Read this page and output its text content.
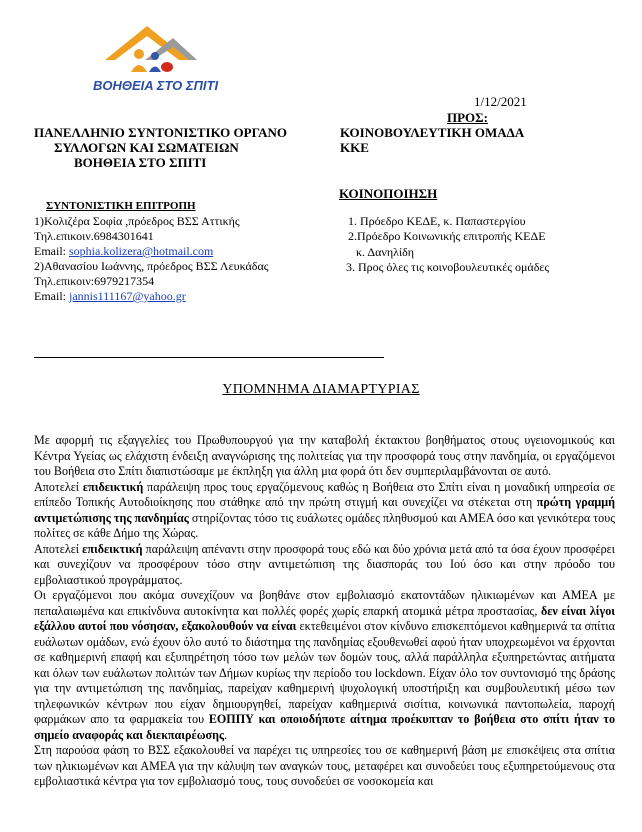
ΒΟΗΘΕΙΑ ΣΤΟ ΣΠΙΤΙ
1/12/2021
ΠΡΟΣ:
ΠΑΝΕΛΛΗΝΙΟ ΣΥΝΤΟΝΙΣΤΙΚΟ ΟΡΓΑΝΟ
ΣΥΛΛΟΓΩΝ ΚΑΙ ΣΩΜΑΤΕΙΩΝ
ΒΟΗΘΕΙΑ ΣΤΟ ΣΠΙΤΙ
ΚΟΙΝΟΒΟΥΛΕΥΤΙΚΗ ΟΜΑΔΑ
ΚΚΕ
ΚΟΙΝΟΠΟΙΗΣΗ
ΣΥΝΤΟΝΙΣΤΙΚΗ ΕΠΙΤΡΟΠΗ
1)Κολιζέρα Σοφία ,πρόεδρος ΒΣΣ Αττικής
Τηλ.επικοιν.6984301641
Email: sophia.kolizera@hotmail.com
2)Αθανασίου Ιωάννης, πρόεδρος ΒΣΣ Λευκάδας
Τηλ.επικοιν:6979217354
Email: jannis111167@yahoo.gr
1. Πρόεδρο ΚΕΔΕ, κ. Παπαστεργίου
2.Πρόεδρο Κοινωνικής επιτροπής ΚΕΔΕ
κ. Δανηλίδη
3. Προς όλες τις κοινοβουλευτικές ομάδες
ΥΠΟΜΝΗΜΑ ΔΙΑΜΑΡΤΥΡΙΑΣ

Με αφορμή τις εξαγγελίες του Πρωθυπουργού για την καταβολή έκτακτου βοηθήματος στους υγειονομικούς και Κέντρα Υγείας ως ελάχιστη ένδειξη αναγνώρισης της πολιτείας για την προσφορά τους στην πανδημία, οι εργαζόμενοι του Βοήθεια στο Σπίτι διαπιστώσαμε με έκπληξη για άλλη μια φορά ότι δεν συμπεριλαμβάνονται σε αυτό.

Αποτελεί επιδεικτική παράλειψη προς τους εργαζόμενους καθώς η Βοήθεια στο Σπίτι είναι η μοναδική υπηρεσία σε επίπεδο Τοπικής Αυτοδιοίκησης που στάθηκε από την πρώτη στιγμή και συνεχίζει να στέκεται στη πρώτη γραμμή αντιμετώπισης της πανδημίας στηρίζοντας τόσο τις ευάλωτες ομάδες πληθυσμού και ΑΜΕΑ όσο και γενικότερα τους πολίτες σε κάθε Δήμο της Χώρας.

Αποτελεί επιδεικτική παράλειψη απέναντι στην προσφορά τους εδώ και δύο χρόνια μετά από τα όσα έχουν προσφέρει και συνεχίζουν να προσφέρουν τόσο στην αντιμετώπιση της διασποράς του Ιού όσο και στην πρόοδο του εμβολιαστικού προγράμματος.

Οι εργαζόμενοι που ακόμα συνεχίζουν να βοηθάνε στον εμβολιασμό εκατοντάδων ηλικιωμένων και ΑΜΕΑ με πεπαλαιωμένα και επικίνδυνα αυτοκίνητα και πολλές φορές χωρίς επαρκή ατομικά μέτρα προστασίας, δεν είναι λίγοι εξάλλου αυτοί που νόσησαν, εξακολουθούν να είναι εκτεθειμένοι στον κίνδυνο επισκεπτόμενοι καθημερινά τα σπίτια ευάλωτων ομάδων, ενώ έχουν όλο αυτό το διάστημα της πανδημίας εξουθενωθεί αφού ήταν υποχρεωμένοι να έρχονται σε καθημερινή επαφή και εξυπηρέτηση τόσο των μελών των δομών τους, αλλά παράλληλα εξυπηρετώντας αιτήματα και όλων των ευάλωτων πολιτών των Δήμων κυρίως την περίοδο του lockdown. Είχαν όλο τον συντονισμό της δράσης για την αντιμετώπιση της πανδημίας, παρείχαν καθημερινή ψυχολογική υποστήριξη και συμβουλευτική μέσω των τηλεφωνικών κέντρων που είχαν δημιουργηθεί, παρείχαν καθημερινά σισίτια, κοινωνικά παντοπωλεία, παροχή φαρμάκων απο τα φαρμακεία του ΕΟΠΠΥ και οποιοδήποτε αίτημα προέκυπταν το βοήθεια στο σπίτι ήταν το σημείο αναφοράς και διεκπαιρέωσης.

Στη παρούσα φάση το ΒΣΣ εξακολουθεί να παρέχει τις υπηρεσίες του σε καθημερινή βάση με επισκέψεις στα σπίτια των ηλικιωμένων και ΑΜΕΑ για την κάλυψη των αναγκών τους, μεταφέρει και συνοδεύει τους εξυπηρετούμενους στα εμβολιαστικά κέντρα για τον εμβολιασμό τους, τους συνοδεύει σε νοσοκομεία και
